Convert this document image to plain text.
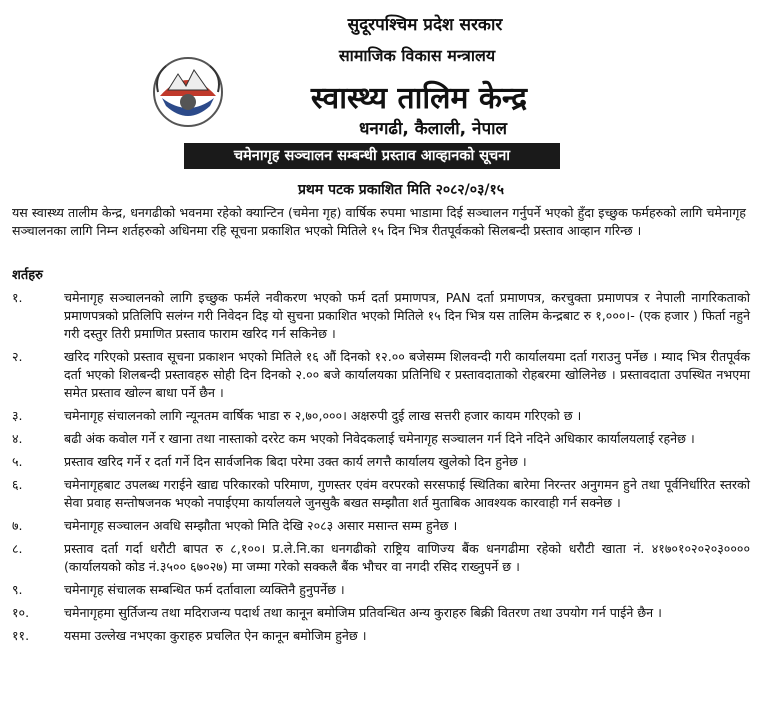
सुदूरपश्चिम प्रदेश सरकार
सामाजिक विकास मन्त्रालय
स्वास्थ्य तालिम केन्द्र
धनगढी, कैलाली, नेपाल
चमेनागृह सञ्चालन सम्बन्धी प्रस्ताव आव्हानको सूचना
प्रथम पटक प्रकाशित मिति २०८२/०३/१५
यस स्वास्थ्य तालीम केन्द्र, धनगढीको भवनमा रहेको क्यान्टिन (चमेना गृह) वार्षिक रुपमा भाडामा दिई सञ्चालन गर्नुपर्ने भएको हुँदा इच्छुक फर्महरुको लागि चमेनागृह सञ्चालनका लागि निम्न शर्तहरुको अधिनमा रहि सूचना प्रकाशित भएको मितिले १५ दिन भित्र रीतपूर्वकको सिलबन्दी प्रस्ताव आव्हान गरिन्छ ।
शर्तहरु
१.	चमेनागृह सञ्चालनको लागि इच्छुक फर्मले नवीकरण भएको फर्म दर्ता प्रमाणपत्र, PAN दर्ता प्रमाणपत्र, करचुक्ता प्रमाणपत्र र नेपाली नागरिकताको प्रमाणपत्रको प्रतिलिपि सलंग्न गरी निवेदन दिइ यो सुचना प्रकाशित भएको मितिले १५ दिन भित्र यस तालिम केन्द्रबाट रु १,०००।- (एक हजार ) फिर्ता नहुने गरी दस्तुर तिरी प्रमाणित प्रस्ताव फाराम खरिद गर्न सकिनेछ ।
२.	खरिद गरिएको प्रस्ताव सूचना प्रकाशन भएको मितिले १६ औं दिनको १२.०० बजेसम्म शिलवन्दी गरी कार्यालयमा दर्ता गराउनु पर्नेछ । म्याद भित्र रीतपूर्वक दर्ता भएको शिलबन्दी प्रस्तावहरु सोही दिन दिनको २.०० बजे कार्यालयका प्रतिनिधि र प्रस्तावदाताको रोहबरमा खोलिनेछ । प्रस्तावदाता उपस्थित नभएमा समेत प्रस्ताव खोल्न बाधा पर्ने छैन ।
३.	चमेनागृह संचालनको लागि न्यूनतम वार्षिक भाडा रु २,७०,०००। अक्षरुपी दुई लाख सत्तरी हजार कायम गरिएको छ ।
४.	बढी अंक कवोल गर्ने र खाना तथा नास्ताको दररेट कम भएको निवेदकलाई चमेनागृह सञ्चालन गर्न दिने नदिने अधिकार कार्यालयलाई रहनेछ ।
५.	प्रस्ताव खरिद गर्ने र दर्ता गर्ने दिन सार्वजनिक बिदा परेमा उक्त कार्य लगत्तै कार्यालय खुलेको दिन हुनेछ ।
६.	चमेनागृहबाट उपलब्ध गराईने खाद्य परिकारको परिमाण, गुणस्तर एवंम वरपरको सरसफाई स्थितिका बारेमा निरन्तर अनुगमन हुने तथा पूर्वनिर्धारित स्तरको सेवा प्रवाह सन्तोषजनक भएको नपाईएमा कार्यालयले जुनसुकै बखत सम्झौता शर्त मुताबिक आवश्यक कारवाही गर्न सक्नेछ ।
७.	चमेनागृह सञ्चालन अवधि सम्झौता भएको मिति देखि २०८३ असार मसान्त सम्म हुनेछ ।
८.	प्रस्ताव दर्ता गर्दा धरौटी बापत रु ८,१००। प्र.ले.नि.का धनगढीको राष्ट्रिय वाणिज्य बैंक धनगढीमा रहेको धरौटी खाता नं. ४१७०१०२०२०३०००० (कार्यालयको कोड नं.३५०० ६७०२७) मा जम्मा गरेको सक्कलै बैंक भौचर वा नगदी रसिद राख्नुपर्ने छ ।
९.	चमेनागृह संचालक सम्बन्धित फर्म दर्तावाला व्यक्तिनै हुनुपर्नेछ ।
१०.	चमेनागृहमा सुर्तिजन्य तथा मदिराजन्य पदार्थ तथा कानून बमोजिम प्रतिवन्धित अन्य कुराहरु बिक्री वितरण तथा उपयोग गर्न पाईने छैन ।
११.	यसमा उल्लेख नभएका कुराहरु प्रचलित ऐन कानून बमोजिम हुनेछ ।
